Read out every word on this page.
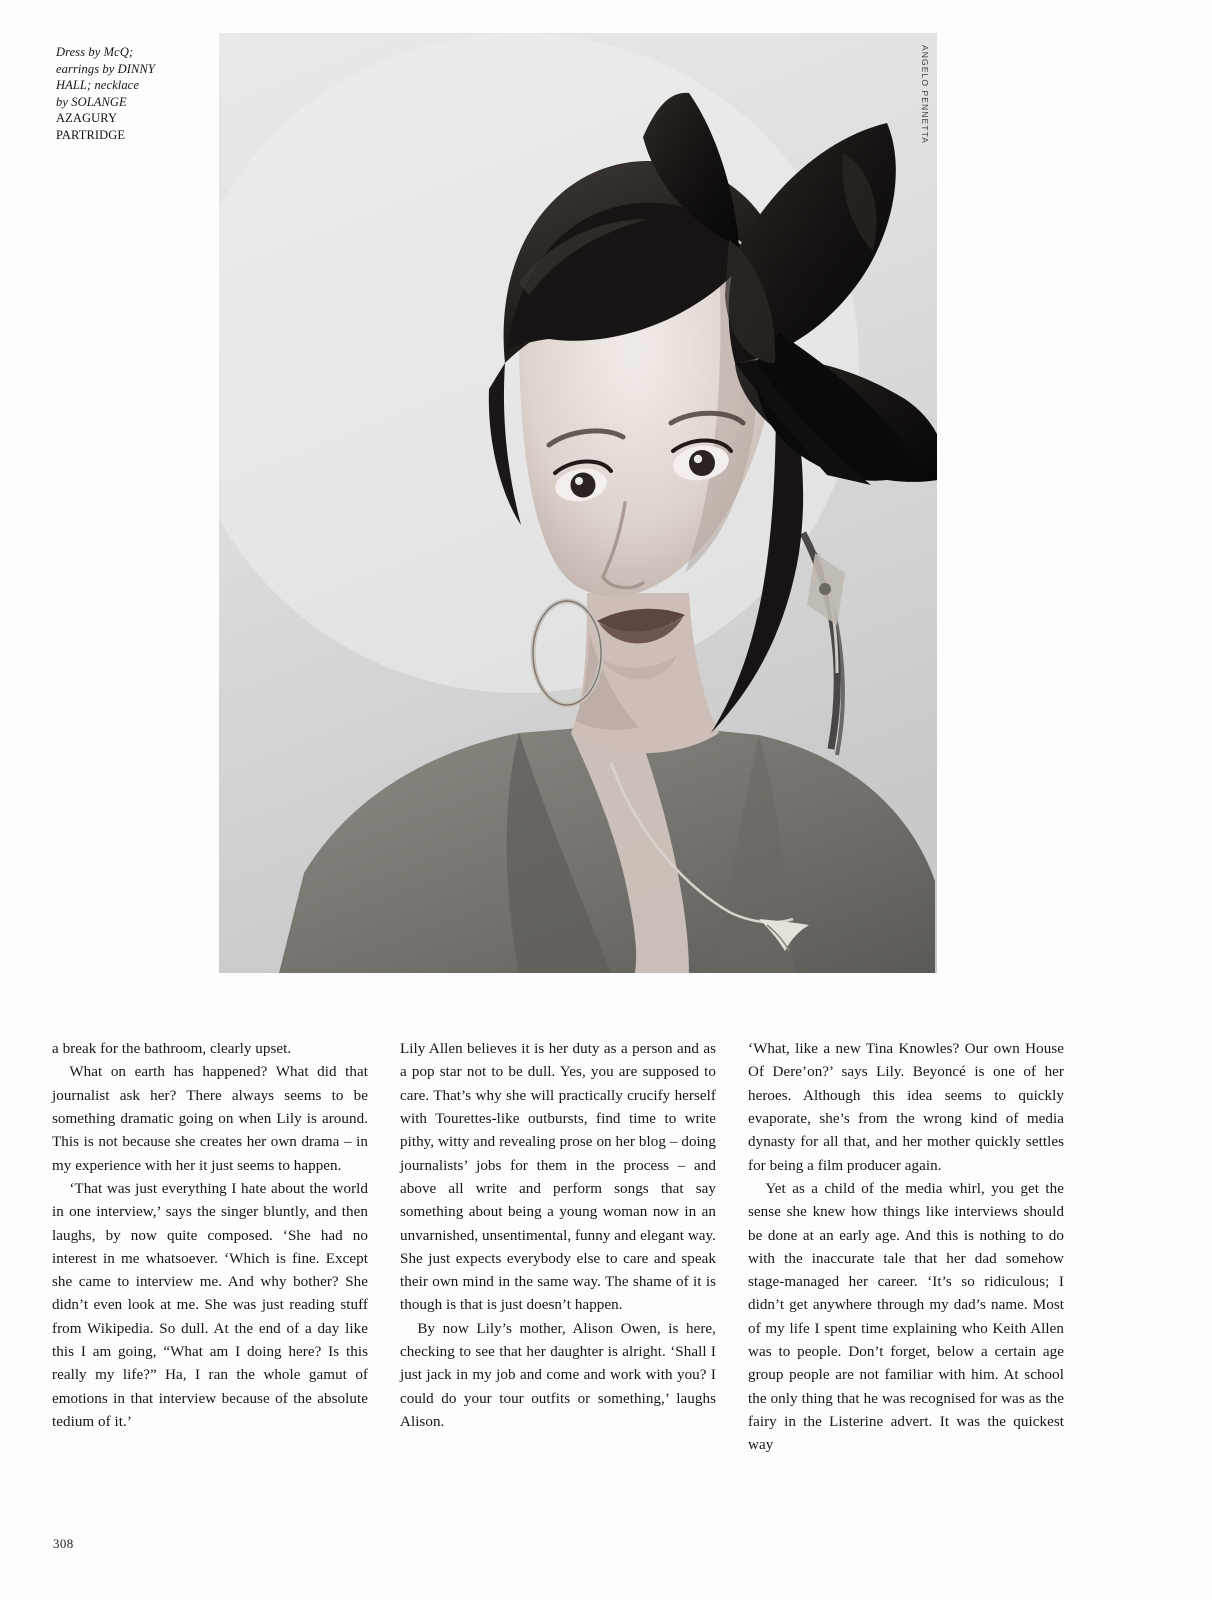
Dress by McQ;
earrings by DINNY
HALL; necklace
by SOLANGE
AZAGURY
PARTRIDGE	ANGELO PENNETTA

a break for the bathroom, clearly upset.

What on earth has happened? What did that journalist ask her? There always seems to be something dramatic going on when Lily is around. This is not because she creates her own drama – in my experience with her it just seems to happen.

‘That was just everything I hate about the world in one interview,’ says the singer bluntly, and then laughs, by now quite composed. ‘She had no interest in me whatsoever. ‘Which is fine. Except she came to interview me. And why bother? She didn’t even look at me. She was just reading stuff from Wikipedia. So dull. At the end of a day like this I am going, “What am I doing here? Is this really my life?” Ha, I ran the whole gamut of emotions in that interview because of the absolute tedium of it.’

Lily Allen believes it is her duty as a person and as a pop star not to be dull. Yes, you are supposed to care. That’s why she will practically crucify herself with Tourettes-like outbursts, find time to write pithy, witty and revealing prose on her blog – doing journalists’ jobs for them in the process – and above all write and perform songs that say something about being a young woman now in an unvarnished, unsentimental, funny and elegant way. She just expects everybody else to care and speak their own mind in the same way. The shame of it is though is that is just doesn’t happen.

By now Lily’s mother, Alison Owen, is here, checking to see that her daughter is alright. ‘Shall I just jack in my job and come and work with you? I could do your tour outfits or something,’ laughs Alison.

‘What, like a new Tina Knowles? Our own House Of Dere’on?’ says Lily. Beyoncé is one of her heroes. Although this idea seems to quickly evaporate, she’s from the wrong kind of media dynasty for all that, and her mother quickly settles for being a film producer again.

Yet as a child of the media whirl, you get the sense she knew how things like interviews should be done at an early age. And this is nothing to do with the inaccurate tale that her dad somehow stage-managed her career. ‘It’s so ridiculous; I didn’t get anywhere through my dad’s name. Most of my life I spent time explaining who Keith Allen was to people. Don’t forget, below a certain age group people are not familiar with him. At school the only thing that he was recognised for was as the fairy in the Listerine advert. It was the quickest way

308
